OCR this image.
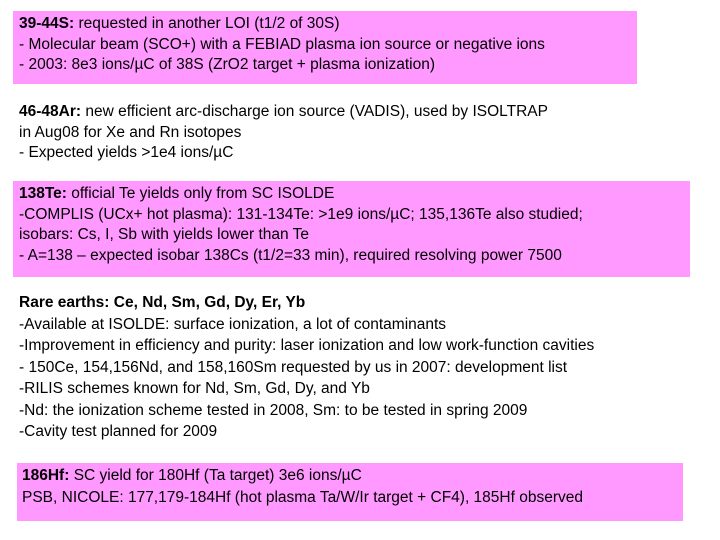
39-44S: requested in another LOI (t1/2 of 30S)
- Molecular beam (SCO+) with a FEBIAD plasma ion source or negative ions
- 2003: 8e3 ions/µC of 38S (ZrO2 target + plasma ionization)
46-48Ar: new efficient arc-discharge ion source (VADIS), used by ISOLTRAP
in Aug08 for Xe and Rn isotopes
- Expected yields >1e4 ions/µC
138Te: official Te yields only from SC ISOLDE
-COMPLIS (UCx+ hot plasma): 131-134Te: >1e9 ions/µC; 135,136Te also studied;
isobars: Cs, I, Sb with yields lower than Te
- A=138 – expected isobar 138Cs (t1/2=33 min), required resolving power 7500
Rare earths: Ce, Nd, Sm, Gd, Dy, Er, Yb
-Available at ISOLDE: surface ionization, a lot of contaminants
-Improvement in efficiency and purity: laser ionization and low work-function cavities
- 150Ce, 154,156Nd, and 158,160Sm requested by us in 2007: development list
-RILIS schemes known for Nd, Sm, Gd, Dy, and Yb
-Nd: the ionization scheme tested in 2008, Sm: to be tested in spring 2009
-Cavity test planned for 2009
186Hf: SC yield for 180Hf (Ta target) 3e6 ions/µC
PSB, NICOLE: 177,179-184Hf (hot plasma Ta/W/Ir target + CF4), 185Hf observed
